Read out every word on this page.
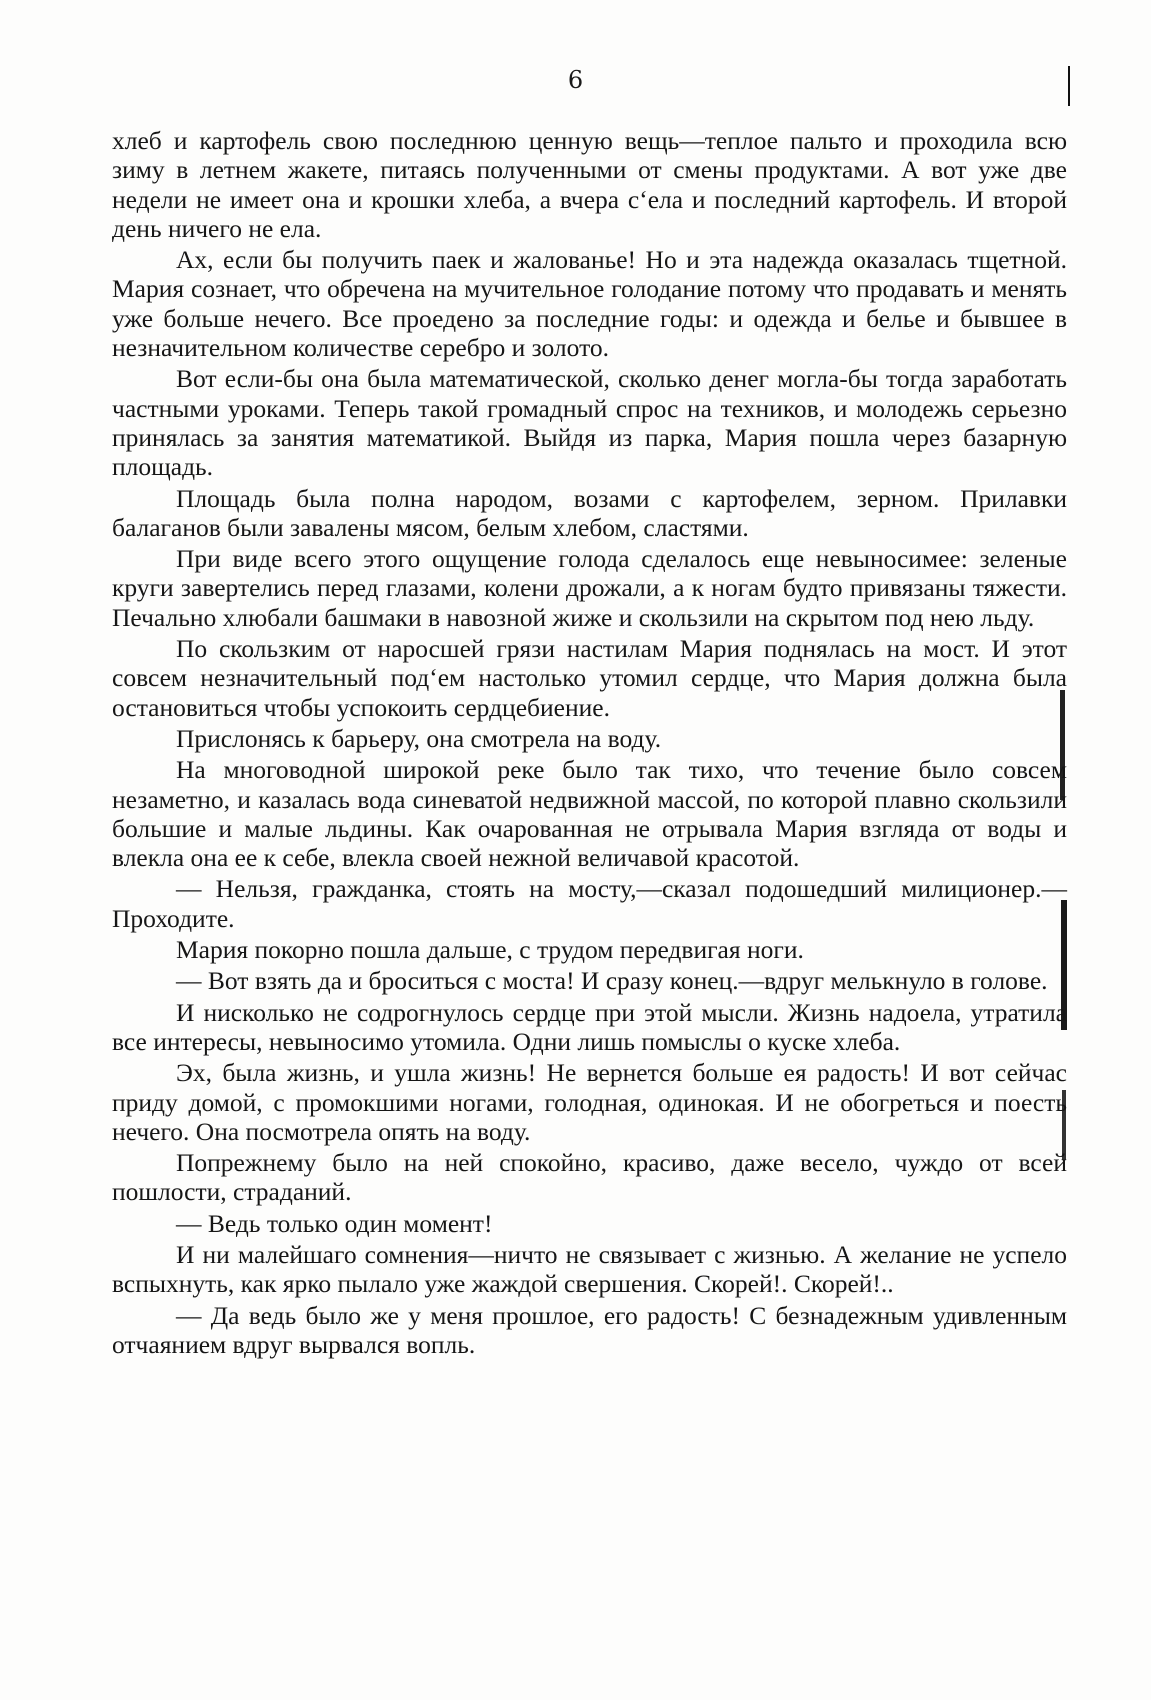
6

хлеб и картофель свою последнюю ценную вещь—теплое пальто и проходила всю зиму в летнем жакете, питаясь полученными от смены продуктами. А вот уже две недели не имеет она и крошки хлеба, а вчера с‘ела и последний картофель. И второй день ничего не ела.

Ах, если бы получить паек и жалованье! Но и эта надежда оказалась тщетной. Мария сознает, что обречена на мучительное голодание потому что продавать и менять уже больше нечего. Все проедено за последние годы: и одежда и белье и бывшее в незначительном количестве серебро и золото.

Вот если-бы она была математической, сколько денег могла-бы тогда заработать частными уроками. Теперь такой громадный спрос на техников, и молодежь серьезно принялась за занятия математикой. Выйдя из парка, Мария пошла через базарную площадь.

Площадь была полна народом, возами с картофелем, зерном. Прилавки балаганов были завалены мясом, белым хлебом, сластями.

При виде всего этого ощущение голода сделалось еще невыносимее: зеленые круги завертелись перед глазами, колени дрожали, а к ногам будто привязаны тяжести. Печально хлюбали башмаки в навозной жиже и скользили на скрытом под нею льду.

По скользким от наросшей грязи настилам Мария поднялась на мост. И этот совсем незначительный под‘ем настолько утомил сердце, что Мария должна была остановиться чтобы успокоить сердцебиение.

Прислонясь к барьеру, она смотрела на воду.

На многоводной широкой реке было так тихо, что течение было совсем незаметно, и казалась вода синеватой недвижной массой, по которой плавно скользили большие и малые льдины. Как очарованная не отрывала Мария взгляда от воды и влекла она ее к себе, влекла своей нежной величавой красотой.

— Нельзя, гражданка, стоять на мосту,—сказал подошедший милиционер.—Проходите.

Мария покорно пошла дальше, с трудом передвигая ноги.

— Вот взять да и броситься с моста! И сразу конец.—вдруг мелькнуло в голове.

И нисколько не содрогнулось сердце при этой мысли. Жизнь надоела, утратила все интересы, невыносимо утомила. Одни лишь помыслы о куске хлеба.

Эх, была жизнь, и ушла жизнь! Не вернется больше ея радость! И вот сейчас приду домой, с промокшими ногами, голодная, одинокая. И не обогреться и поесть нечего. Она посмотрела опять на воду.

Попрежнему было на ней спокойно, красиво, даже весело, чуждо от всей пошлости, страданий.

— Ведь только один момент!

И ни малейшаго сомнения—ничто не связывает с жизнью. А желание не успело вспыхнуть, как ярко пылало уже жаждой свершения. Скорей!. Скорей!..

— Да ведь было же у меня прошлое, его радость! С безнадежным удивленным отчаянием вдруг вырвался вопль.
